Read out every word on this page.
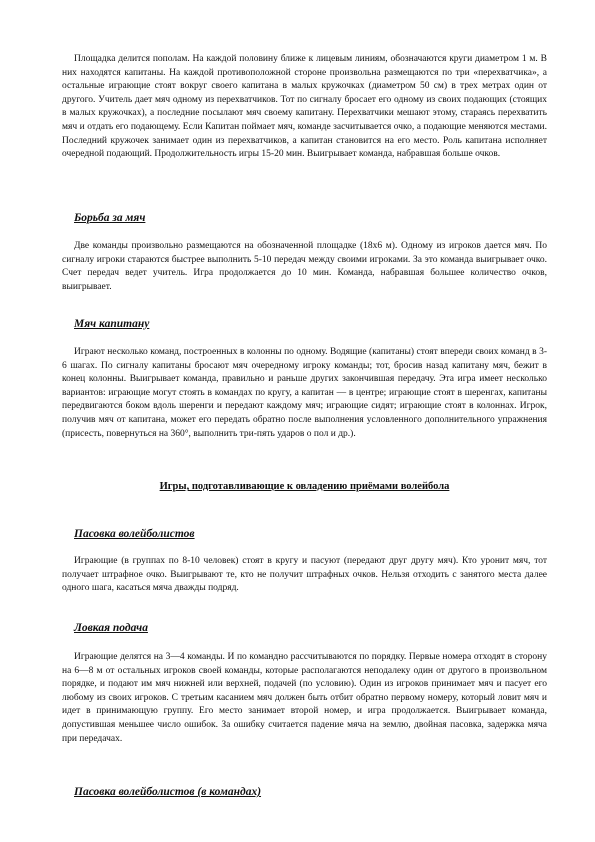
Площадка делится пополам. На каждой половину ближе к лицевым линиям, обозначаются круги диаметром 1 м. В них находятся капитаны. На каждой противоположной стороне произвольна размещаются по три «перехватчика», а остальные играющие стоят вокруг своего капитана в малых кружочках (диаметром 50 см) в трех метрах один от другого. Учитель дает мяч одному из перехватчиков. Тот по сигналу бросает его одному из своих подающих (стоящих в малых кружочках), а последние посылают мяч своему капитану. Перехватчики мешают этому, стараясь перехватить мяч и отдать его подающему. Если Капитан поймает мяч, команде засчитывается очко, а подающие меняются местами. Последний кружочек занимает один из перехватчиков, а капитан становится на его место. Роль капитана исполняет очередной подающий. Продолжительность игры 15-20 мин. Выигрывает команда, набравшая больше очков.

Борьба за мяч

Две команды произвольно размещаются на обозначенной площадке (18х6 м). Одному из игроков дается мяч. По сигналу игроки стараются быстрее выполнить 5-10 передач между своими игроками. За это команда выигрывает очко. Счет передач ведет учитель. Игра продолжается до 10 мин. Команда, набравшая большее количество очков, выигрывает.

Мяч капитану

Играют несколько команд, построенных в колонны по одному. Водящие (капитаны) стоят впереди своих команд в 3-6 шагах. По сигналу капитаны бросают мяч очередному игроку команды; тот, бросив назад капитану мяч, бежит в конец колонны. Выигрывает команда, правильно и раньше других закончившая передачу. Эта игра имеет несколько вариантов: играющие могут стоять в командах по кругу, а капитан — в центре; играющие стоят в шеренгах, капитаны передвигаются боком вдоль шеренги и передают каждому мяч; играющие сидят; играющие стоят в колоннах. Игрок, получив мяч от капитана, может его передать обратно после выполнения условленного дополнительного упражнения (присесть, повернуться на 360°, выполнить три-пять ударов о пол и др.).

Игры, подготавливающие к овладению приёмами волейбола

Пасовка волейболистов

Играющие (в группах по 8-10 человек) стоят в кругу и пасуют (передают друг другу мяч). Кто уронит мяч, тот получает штрафное очко. Выигрывают те, кто не получит штрафных очков. Нельзя отходить с занятого места далее одного шага, касаться мяча дважды подряд.

Ловкая подача

Играющие делятся на 3—4 команды. И по командно рассчитываются по порядку. Первые номера отходят в сторону на 6—8 м от остальных игроков своей команды, которые располагаются неподалеку один от другого в произвольном порядке, и подают им мяч нижней или верхней, подачей (по условию). Один из игроков принимает мяч и пасует его любому из своих игроков. С третьим касанием мяч должен быть отбит обратно первому номеру, который ловит мяч и идет в принимающую группу. Его место занимает второй номер, и игра продолжается. Выигрывает команда, допустившая меньшее число ошибок. За ошибку считается падение мяча на землю, двойная пасовка, задержка мяча при передачах.

Пасовка волейболистов (в командах)
